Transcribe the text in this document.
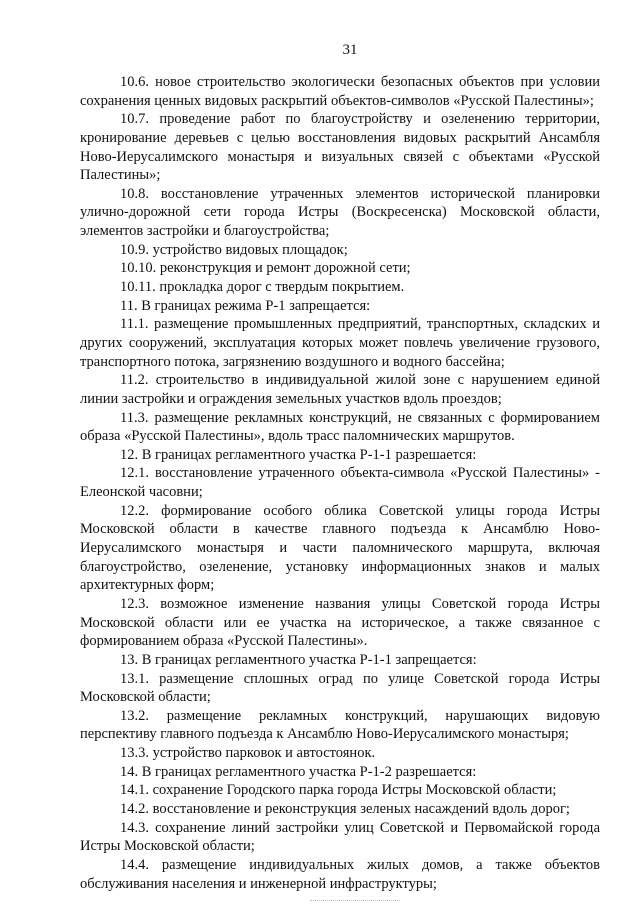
31

10.6. новое строительство экологически безопасных объектов при условии сохранения ценных видовых раскрытий объектов-символов «Русской Палестины»;

10.7. проведение работ по благоустройству и озеленению территории, кронирование деревьев с целью восстановления видовых раскрытий Ансамбля Ново-Иерусалимского монастыря и визуальных связей с объектами «Русской Палестины»;

10.8. восстановление утраченных элементов исторической планировки улично-дорожной сети города Истры (Воскресенска) Московской области, элементов застройки и благоустройства;

10.9. устройство видовых площадок;

10.10. реконструкция и ремонт дорожной сети;

10.11. прокладка дорог с твердым покрытием.

11. В границах режима Р-1 запрещается:

11.1. размещение промышленных предприятий, транспортных, складских и других сооружений, эксплуатация которых может повлечь увеличение грузового, транспортного потока, загрязнению воздушного и водного бассейна;

11.2. строительство в индивидуальной жилой зоне с нарушением единой линии застройки и ограждения земельных участков вдоль проездов;

11.3. размещение рекламных конструкций, не связанных с формированием образа «Русской Палестины», вдоль трасс паломнических маршрутов.

12. В границах регламентного участка Р-1-1 разрешается:

12.1. восстановление утраченного объекта-символа «Русской Палестины» - Елеонской часовни;

12.2. формирование особого облика Советской улицы города Истры Московской области в качестве главного подъезда к Ансамблю Ново-Иерусалимского монастыря и части паломнического маршрута, включая благоустройство, озеленение, установку информационных знаков и малых архитектурных форм;

12.3. возможное изменение названия улицы Советской города Истры Московской области или ее участка на историческое, а также связанное с формированием образа «Русской Палестины».

13. В границах регламентного участка Р-1-1 запрещается:

13.1. размещение сплошных оград по улице Советской города Истры Московской области;

13.2. размещение рекламных конструкций, нарушающих видовую перспективу главного подъезда к Ансамблю Ново-Иерусалимского монастыря;

13.3. устройство парковок и автостоянок.

14. В границах регламентного участка Р-1-2 разрешается:

14.1. сохранение Городского парка города Истры Московской области;

14.2. восстановление и реконструкция зеленых насаждений вдоль дорог;

14.3. сохранение линий застройки улиц Советской и Первомайской города Истры Московской области;

14.4. размещение индивидуальных жилых домов, а также объектов обслуживания населения и инженерной инфраструктуры;
